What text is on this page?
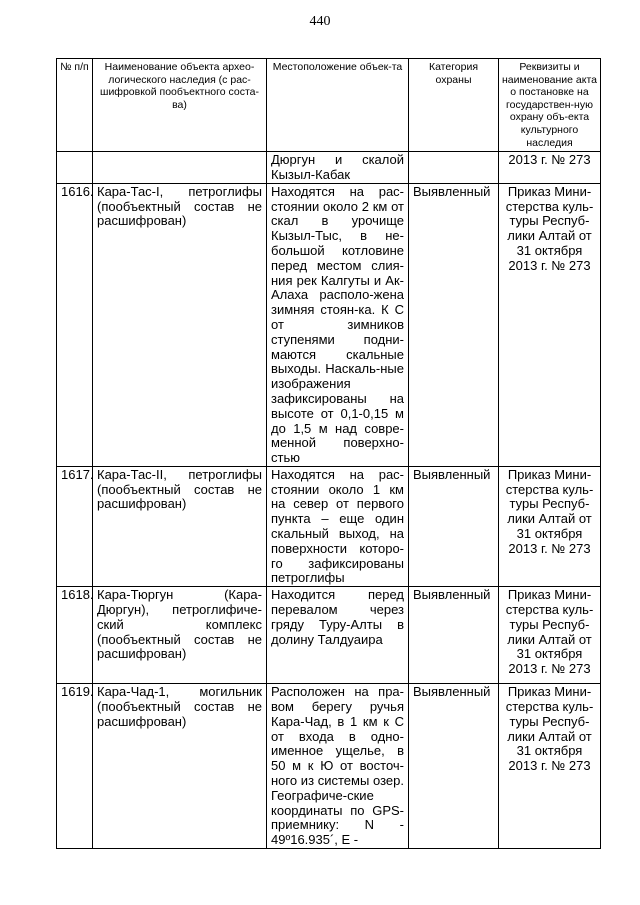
440
№ п/п	Наименование объекта архео-логического наследия (с рас-шифровкой пообъектного соста-ва)	Местоположение объек-та	Категория охраны	Реквизиты и наименование акта о постановке на государствен-ную охрану объ-екта культурного наследия
		Дюргун и скалой Кызыл-Кабак		2013 г. № 273
1616.	Кара-Тас-I, петроглифы (пообъектный состав не расшифрован)	Находятся на рас-стоянии около 2 км от скал в урочище Кызыл-Тыс, в не-большой котловине перед местом слия-ния рек Калгуты и Ак-Алаха располо-жена зимняя стоян-ка. К С от зимников ступенями подни-маются скальные выходы. Наскаль-ные изображения зафиксированы на высоте от 0,1-0,15 м до 1,5 м над совре-менной поверхно-стью	Выявленный	Приказ Мини-стерства куль-туры Респуб-лики Алтай от 31 октября 2013 г. № 273
1617.	Кара-Тас-II, петроглифы (пообъектный состав не расшифрован)	Находятся на рас-стоянии около 1 км на север от первого пункта – еще один скальный выход, на поверхности которо-го зафиксированы петроглифы	Выявленный	Приказ Мини-стерства куль-туры Респуб-лики Алтай от 31 октября 2013 г. № 273
1618.	Кара-Тюргун (Кара-Дюргун), петроглифиче-ский комплекс (пообъектный состав не расшифрован)	Находится перед перевалом через гряду Туру-Алты в долину Талдуаира	Выявленный	Приказ Мини-стерства куль-туры Респуб-лики Алтай от 31 октября 2013 г. № 273
1619.	Кара-Чад-1, могильник (пообъектный состав не расшифрован)	Расположен на пра-вом берегу ручья Кара-Чад, в 1 км к С от входа в одно-именное ущелье, в 50 м к Ю от восточ-ного из системы озер. Географиче-ские координаты по GPS-приемнику: N - 49º16.935´, E -	Выявленный	Приказ Мини-стерства куль-туры Респуб-лики Алтай от 31 октября 2013 г. № 273
